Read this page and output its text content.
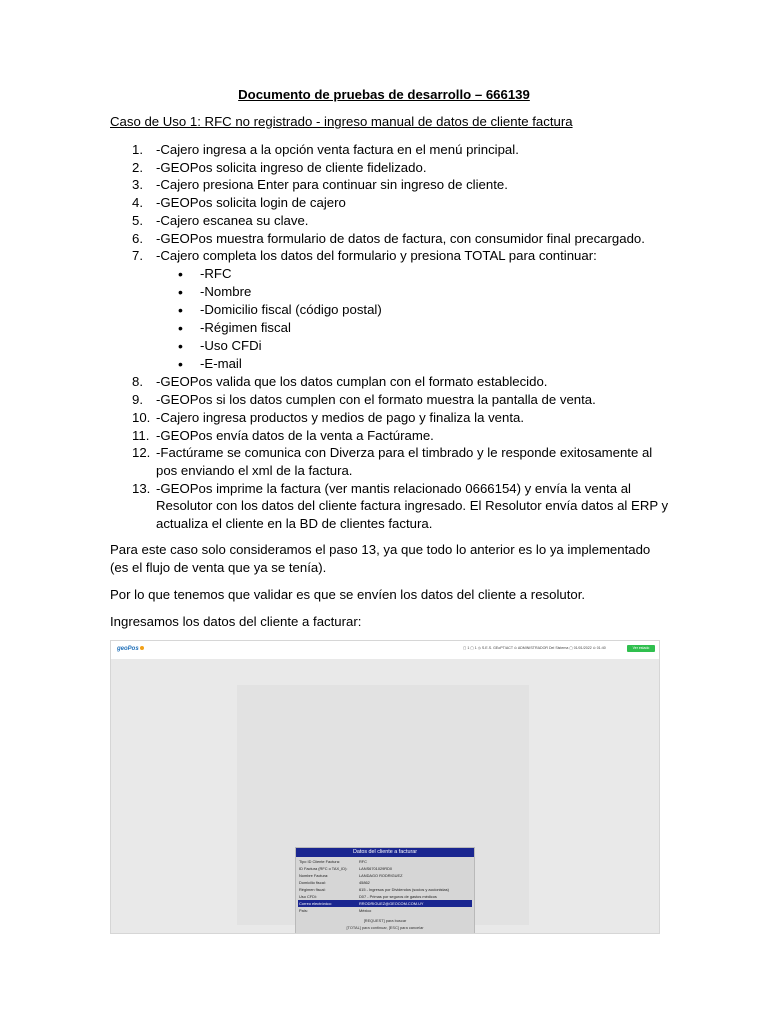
Documento de pruebas de desarrollo – 666139
Caso de Uso 1: RFC no registrado - ingreso manual de datos de cliente factura
1. -Cajero ingresa a la opción venta factura en el menú principal.
2. -GEOPos solicita ingreso de cliente fidelizado.
3. -Cajero presiona Enter para continuar sin ingreso de cliente.
4. -GEOPos solicita login de cajero
5. -Cajero escanea su clave.
6. -GEOPos muestra formulario de datos de factura, con consumidor final precargado.
7. -Cajero completa los datos del formulario y presiona TOTAL para continuar:
• -RFC
• -Nombre
• -Domicilio fiscal (código postal)
• -Régimen fiscal
• -Uso CFDi
• -E-mail
8. -GEOPos valida que los datos cumplan con el formato establecido.
9. -GEOPos si los datos cumplen con el formato muestra la pantalla de venta.
10. -Cajero ingresa productos y medios de pago y finaliza la venta.
11. -GEOPos envía datos de la venta a Factúrame.
12. -Factúrame se comunica con Diverza para el timbrado y le responde exitosamente al pos enviando el xml de la factura.
13. -GEOPos imprime la factura (ver mantis relacionado 0666154) y envía la venta al Resolutor con los datos del cliente factura ingresado. El Resolutor envía datos al ERP y actualiza el cliente en la BD de clientes factura.
Para este caso solo consideramos el paso 13, ya que todo lo anterior es lo ya implementado (es el flujo de venta que ya se tenía).
Por lo que tenemos que validar es que se envíen los datos del cliente a resolutor.
Ingresamos los datos del cliente a facturar:
geoPos	▢ 1 ▢ 1 ◷ S.E.S. GEoPT/ACT ⊙ ADMINISTRADOR Del Sistema ▢ 01/01/2022 ⊙ 01:40	Ver estado
Datos del cliente a facturar
Tipo ID Cliente Factura:	RFC
ID Factura (RFC o TAX_ID):	LANS6701029RD0
Nombre Factura:	LANDAGO RODRIGUEZ
Domicilio fiscal:	45862
Régimen fiscal:	615 - Ingresos por Dividendos (socios y accionistas)
Uso CFDi:	D07 - Primas por seguros de gastos médicos
Correo electrónico:	RRODRIGUEZ@GEOCOM.COM.UY
País:	México
[REQUEST] para buscar
[TOTAL] para continuar, [ESC] para cancelar
